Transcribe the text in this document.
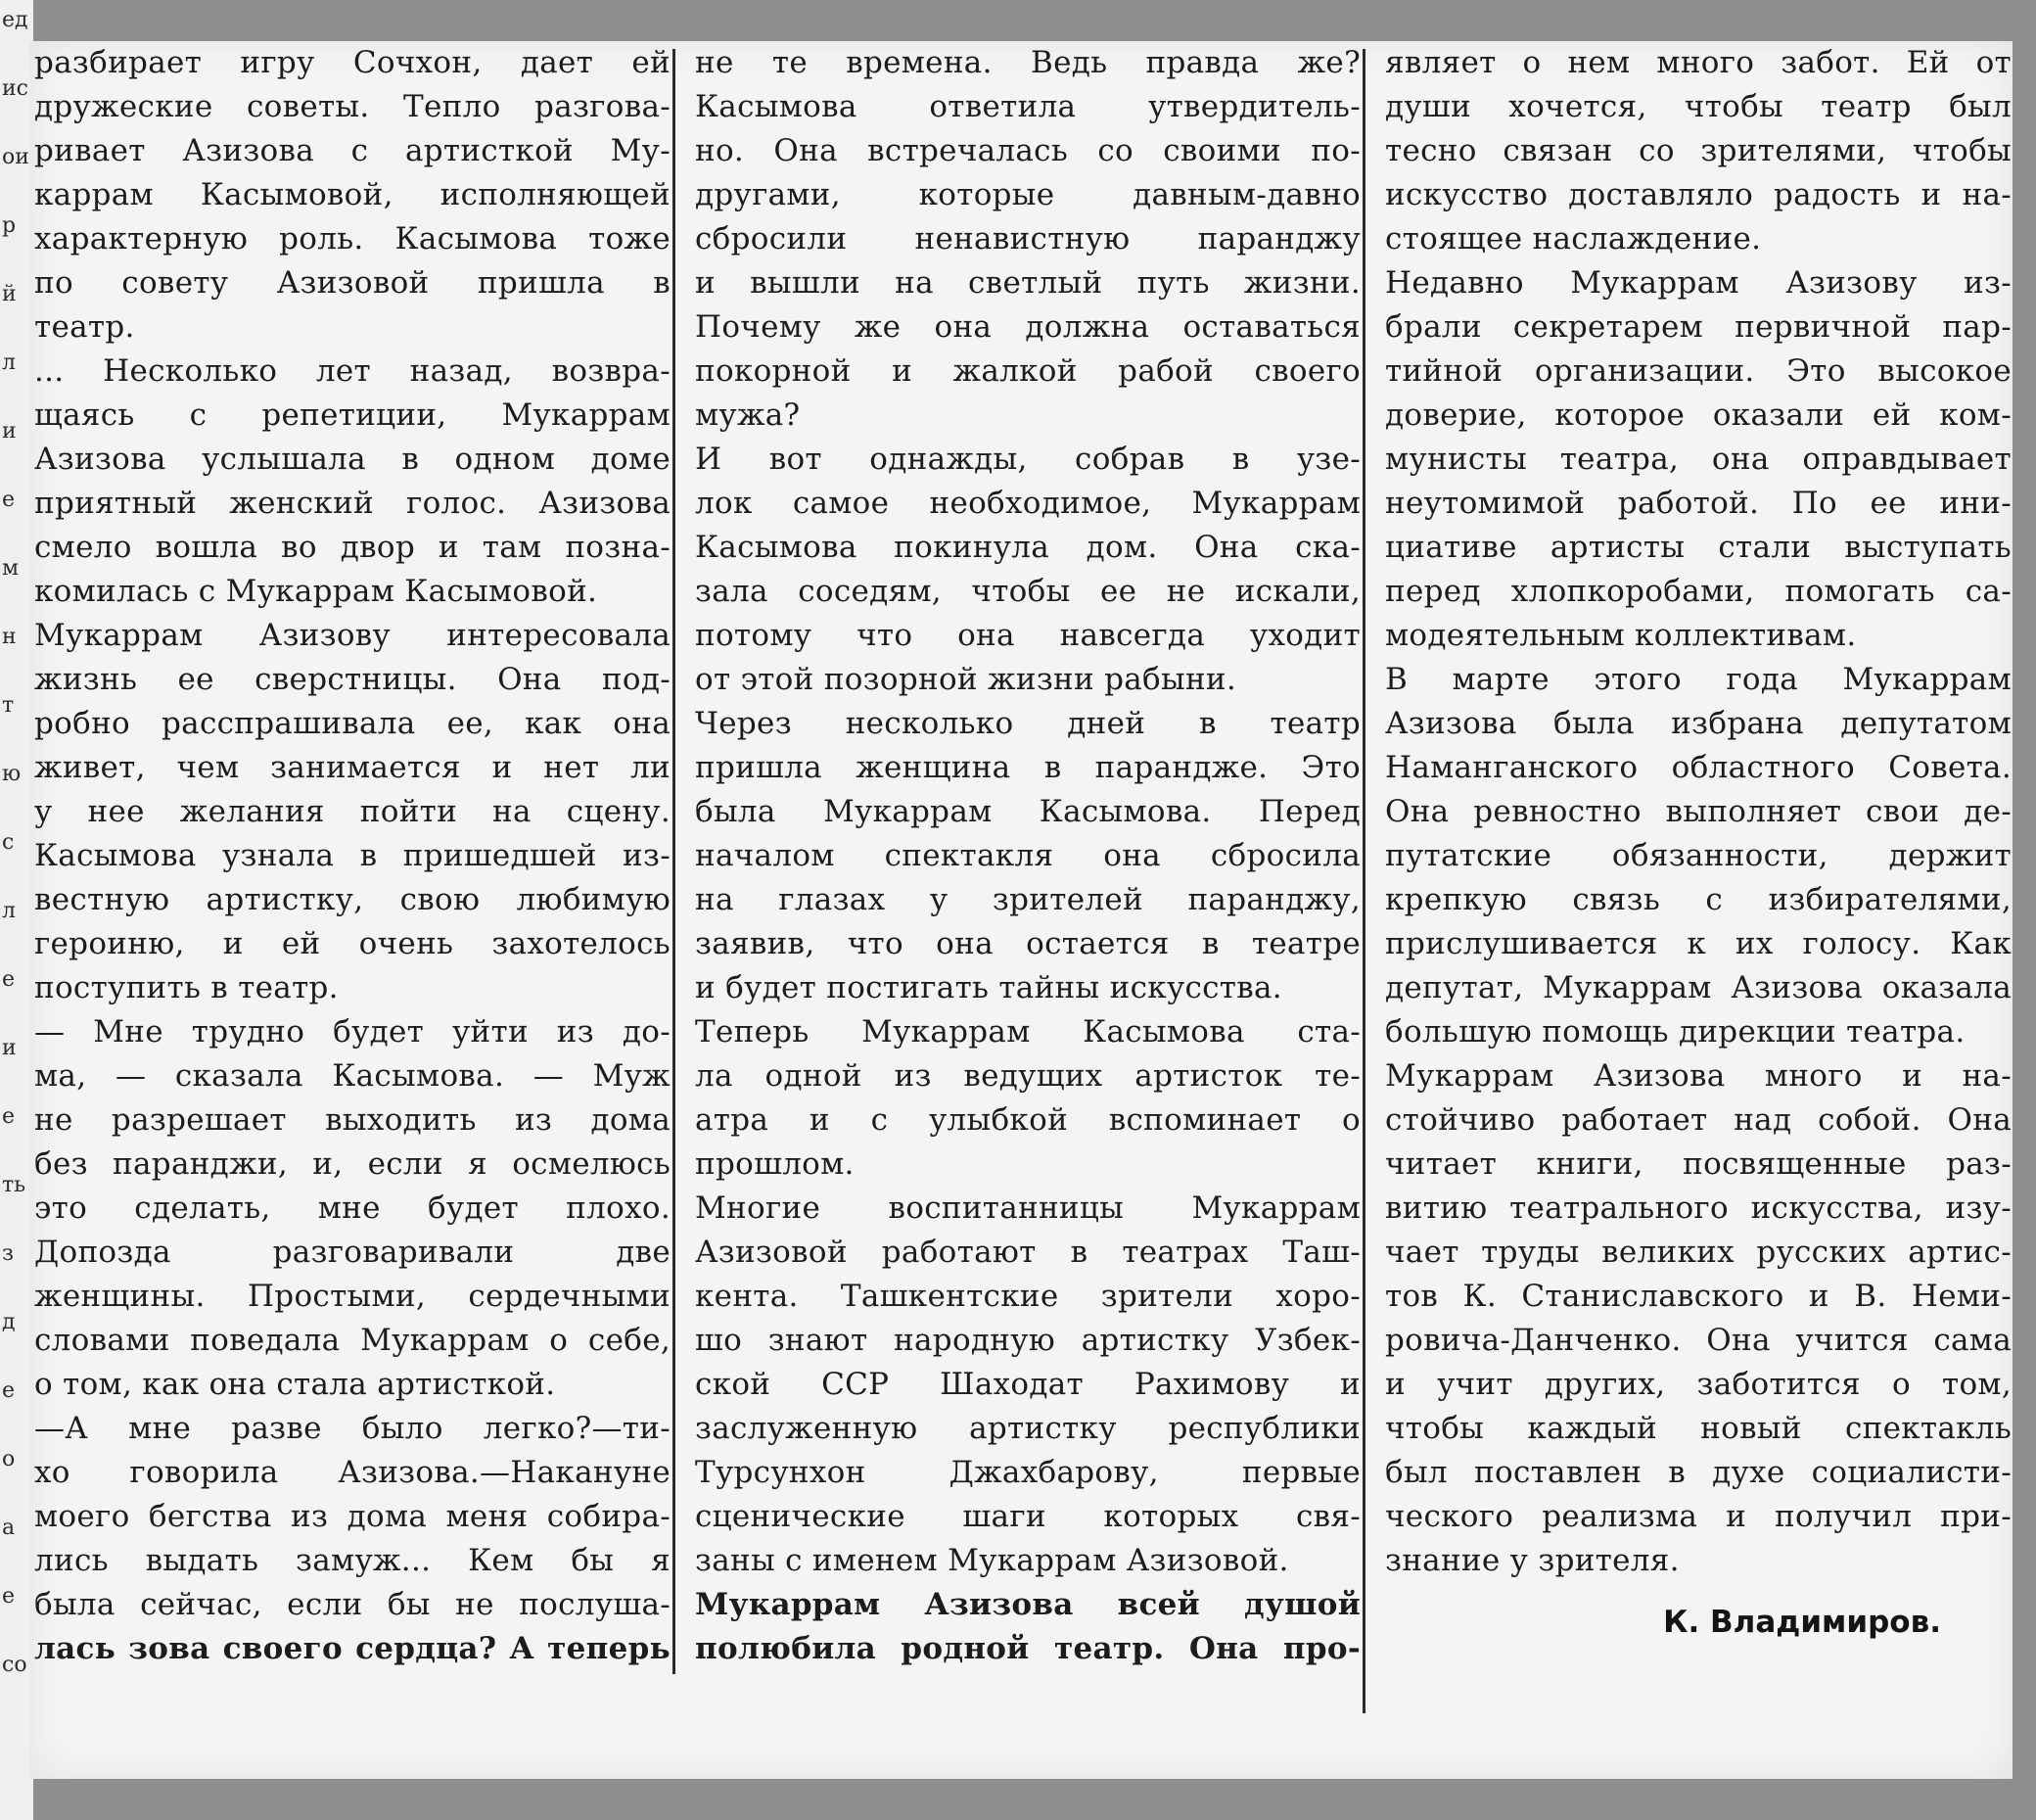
ед
ис
ои
р
й
л
и
е
м
н
т
ю
с
л
е
и
е
ть
з
д
е
о
а
е
со
разбирает игру Сочхон, дает ей
дружеские советы. Тепло разгова-
ривает Азизова с артисткой Му-
каррам Касымовой, исполняющей
характерную роль. Касымова тоже
по совету Азизовой пришла в
театр.
... Несколько лет назад, возвра-
щаясь с репетиции, Мукаррам
Азизова услышала в одном доме
приятный женский голос. Азизова
смело вошла во двор и там позна-
комилась с Мукаррам Касымовой.
Мукаррам Азизову интересовала
жизнь ее сверстницы. Она под-
робно расспрашивала ее, как она
живет, чем занимается и нет ли
у нее желания пойти на сцену.
Касымова узнала в пришедшей из-
вестную артистку, свою любимую
героиню, и ей очень захотелось
поступить в театр.
— Мне трудно будет уйти из до-
ма, — сказала Касымова. — Муж
не разрешает выходить из дома
без паранджи, и, если я осмелюсь
это сделать, мне будет плохо.
Допозда разговаривали две
женщины. Простыми, сердечными
словами поведала Мукаррам о себе,
о том, как она стала артисткой.
—А мне разве было легко?—ти-
хо говорила Азизова.—Накануне
моего бегства из дома меня собира-
лись выдать замуж... Кем бы я
была сейчас, если бы не послуша-
лась зова своего сердца? А теперь
не те времена. Ведь правда же?
Касымова ответила утвердитель-
но. Она встречалась со своими по-
другами, которые давным-давно
сбросили ненавистную паранджу
и вышли на светлый путь жизни.
Почему же она должна оставаться
покорной и жалкой рабой своего
мужа?
И вот однажды, собрав в узе-
лок самое необходимое, Мукаррам
Касымова покинула дом. Она ска-
зала соседям, чтобы ее не искали,
потому что она навсегда уходит
от этой позорной жизни рабыни.
Через несколько дней в театр
пришла женщина в парандже. Это
была Мукаррам Касымова. Перед
началом спектакля она сбросила
на глазах у зрителей паранджу,
заявив, что она остается в театре
и будет постигать тайны искусства.
Теперь Мукаррам Касымова ста-
ла одной из ведущих артисток те-
атра и с улыбкой вспоминает о
прошлом.
Многие воспитанницы Мукаррам
Азизовой работают в театрах Таш-
кента. Ташкентские зрители хоро-
шо знают народную артистку Узбек-
ской ССР Шаходат Рахимову и
заслуженную артистку республики
Турсунхон Джахбарову, первые
сценические шаги которых свя-
заны с именем Мукаррам Азизовой.
Мукаррам Азизова всей душой
полюбила родной театр. Она про-
являет о нем много забот. Ей от
души хочется, чтобы театр был
тесно связан со зрителями, чтобы
искусство доставляло радость и на-
стоящее наслаждение.
Недавно Мукаррам Азизову из-
брали секретарем первичной пар-
тийной организации. Это высокое
доверие, которое оказали ей ком-
мунисты театра, она оправдывает
неутомимой работой. По ее ини-
циативе артисты стали выступать
перед хлопкоробами, помогать са-
модеятельным коллективам.
В марте этого года Мукаррам
Азизова была избрана депутатом
Наманганского областного Совета.
Она ревностно выполняет свои де-
путатские обязанности, держит
крепкую связь с избирателями,
прислушивается к их голосу. Как
депутат, Мукаррам Азизова оказала
большую помощь дирекции театра.
Мукаррам Азизова много и на-
стойчиво работает над собой. Она
читает книги, посвященные раз-
витию театрального искусства, изу-
чает труды великих русских артис-
тов К. Станиславского и В. Неми-
ровича-Данченко. Она учится сама
и учит других, заботится о том,
чтобы каждый новый спектакль
был поставлен в духе социалисти-
ческого реализма и получил при-
знание у зрителя.
К. Владимиров.
